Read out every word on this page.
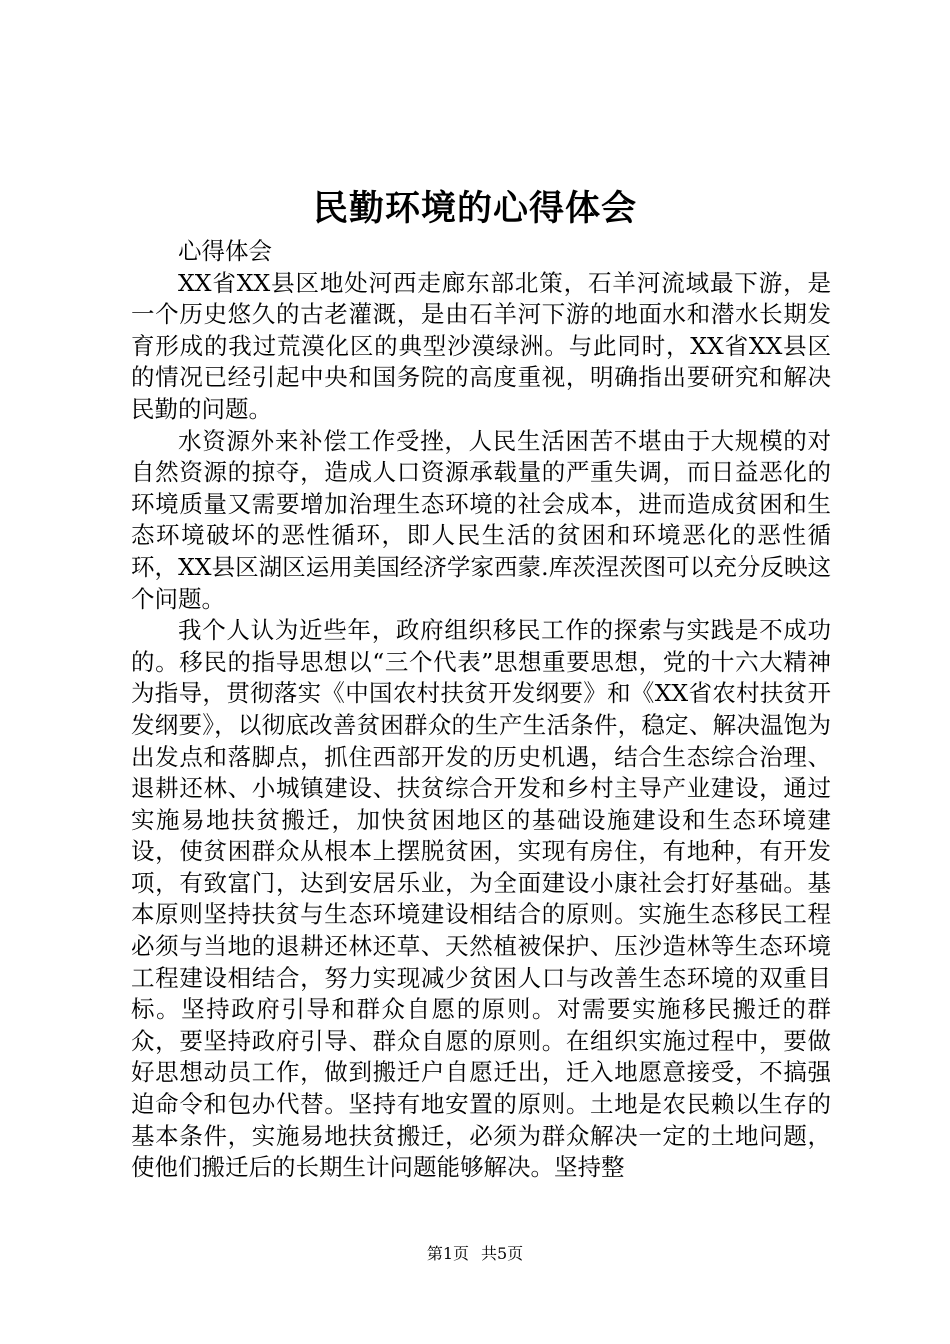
民勤环境的心得体会

心得体会

XX省XX县区地处河西走廊东部北策，石羊河流域最下游，是一个历史悠久的古老灌溉，是由石羊河下游的地面水和潜水长期发育形成的我过荒漠化区的典型沙漠绿洲。与此同时，XX省XX县区的情况已经引起中央和国务院的高度重视，明确指出要研究和解决民勤的问题。

水资源外来补偿工作受挫，人民生活困苦不堪由于大规模的对自然资源的掠夺，造成人口资源承载量的严重失调，而日益恶化的环境质量又需要增加治理生态环境的社会成本，进而造成贫困和生态环境破坏的恶性循环，即人民生活的贫困和环境恶化的恶性循环，XX县区湖区运用美国经济学家西蒙.库茨涅茨图可以充分反映这个问题。

我个人认为近些年，政府组织移民工作的探索与实践是不成功的。移民的指导思想以“三个代表”思想重要思想，党的十六大精神为指导，贯彻落实《中国农村扶贫开发纲要》和《XX省农村扶贫开发纲要》，以彻底改善贫困群众的生产生活条件，稳定、解决温饱为出发点和落脚点，抓住西部开发的历史机遇，结合生态综合治理、退耕还林、小城镇建设、扶贫综合开发和乡村主导产业建设，通过实施易地扶贫搬迁，加快贫困地区的基础设施建设和生态环境建设，使贫困群众从根本上摆脱贫困，实现有房住，有地种，有开发项，有致富门，达到安居乐业，为全面建设小康社会打好基础。基本原则坚持扶贫与生态环境建设相结合的原则。实施生态移民工程必须与当地的退耕还林还草、天然植被保护、压沙造林等生态环境工程建设相结合，努力实现减少贫困人口与改善生态环境的双重目标。坚持政府引导和群众自愿的原则。对需要实施移民搬迁的群众，要坚持政府引导、群众自愿的原则。在组织实施过程中，要做好思想动员工作，做到搬迁户自愿迁出，迁入地愿意接受，不搞强迫命令和包办代替。坚持有地安置的原则。土地是农民赖以生存的基本条件，实施易地扶贫搬迁，必须为群众解决一定的土地问题，使他们搬迁后的长期生计问题能够解决。坚持整

第1页 共5页
